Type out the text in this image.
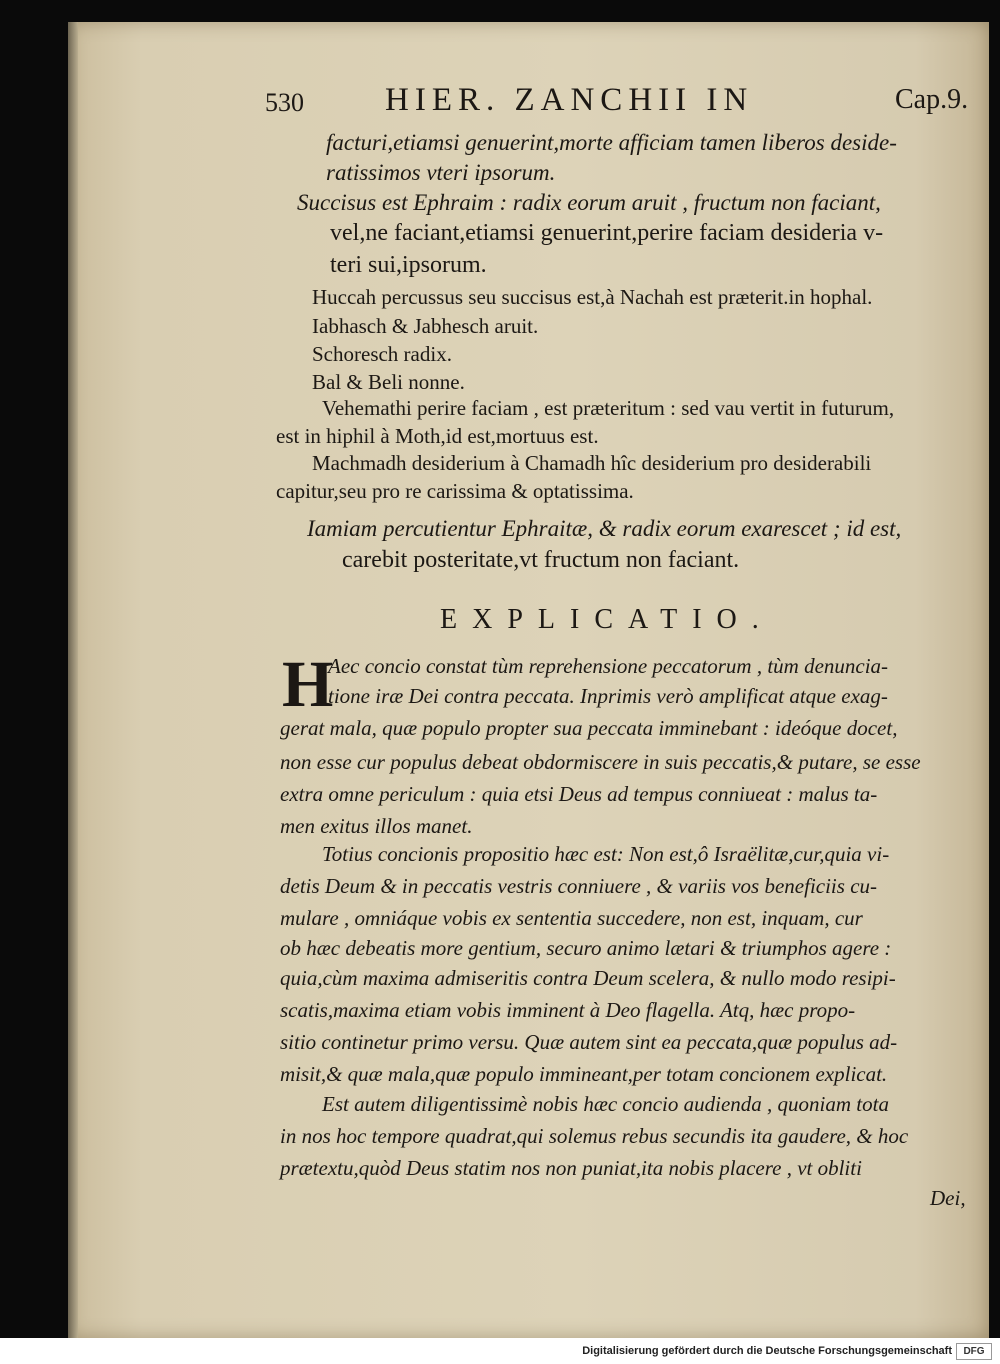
530 HIER. ZANCHII IN	Cap.9.
facturi,etiamsi genuerint,morte afficiam tamen liberos deside-
ratissimos vteri ipsorum.
Succisus est Ephraim : radix eorum aruit , fructum non faciant,
vel,ne faciant,etiamsi genuerint,perire faciam desideria v-
teri sui,ipsorum.
Huccah percussus seu succisus est,à Nachah est præterit.in hophal.
Iabhasch & Jabhesch aruit.
Schoresch radix.
Bal & Beli nonne.
Vehemathi perire faciam , est præteritum : sed vau vertit in futurum,
est in hiphil à Moth,id est,mortuus est.
Machmadh desiderium à Chamadh hîc desiderium pro desiderabili
capitur,seu pro re carissima & optatissima.
Iamiam percutientur Ephraitæ, & radix eorum exarescet ; id est,
carebit posteritate,vt fructum non faciant.
EXPLICATIO.
H
Aec concio constat tùm reprehensione peccatorum , tùm denuncia-
tione iræ Dei contra peccata. Inprimis verò amplificat atque exag-
gerat mala, quæ populo propter sua peccata imminebant : ideóque docet,
non esse cur populus debeat obdormiscere in suis peccatis,& putare, se esse
extra omne periculum : quia etsi Deus ad tempus conniueat : malus ta-
men exitus illos manet.
Totius concionis propositio hæc est: Non est,ô Israëlitæ,cur,quia vi-
detis Deum & in peccatis vestris conniuere , & variis vos beneficiis cu-
mulare , omniáque vobis ex sententia succedere, non est, inquam, cur
ob hæc debeatis more gentium, securo animo lætari & triumphos agere :
quia,cùm maxima admiseritis contra Deum scelera, & nullo modo resipi-
scatis,maxima etiam vobis imminent à Deo flagella. Atq, hæc propo-
sitio continetur primo versu. Quæ autem sint ea peccata,quæ populus ad-
misit,& quæ mala,quæ populo immineant,per totam concionem explicat.
Est autem diligentissimè nobis hæc concio audienda , quoniam tota
in nos hoc tempore quadrat,qui solemus rebus secundis ita gaudere, & hoc
prætextu,quòd Deus statim nos non puniat,ita nobis placere , vt obliti
Dei,
Digitalisierung gefördert durch die Deutsche Forschungsgemeinschaft	DFG
